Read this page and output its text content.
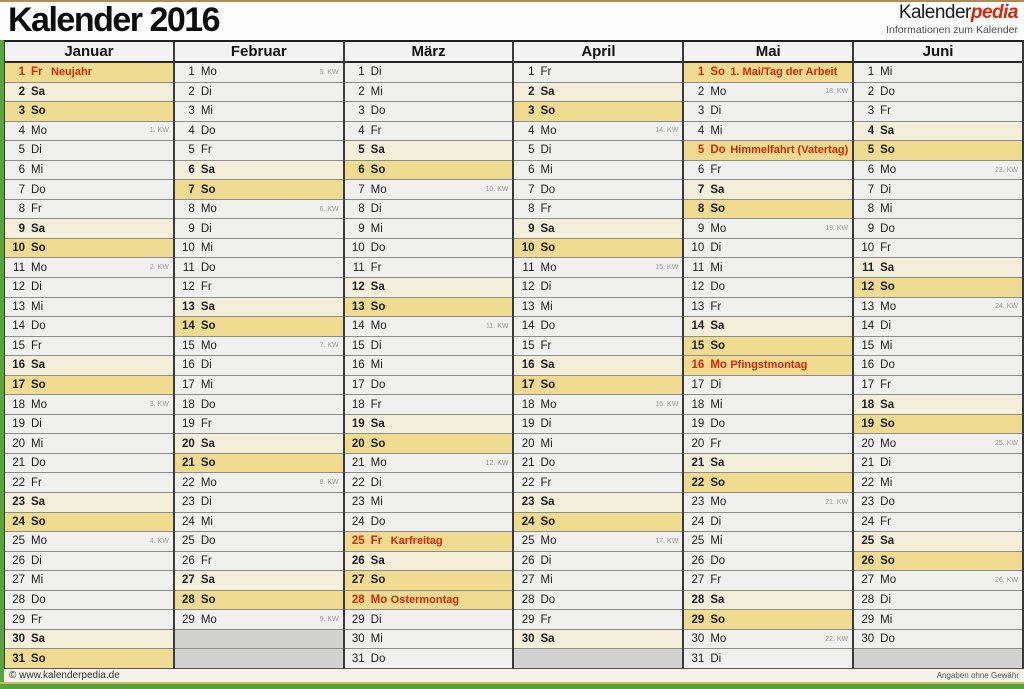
Kalender 2016	Kalenderpedia
Informationen zum Kalender
Januar
1 Fr Neujahr
2 Sa
3 So
4 Mo	1. KW
5 Di
6 Mi
7 Do
8 Fr
9 Sa
10 So
11 Mo	2. KW
12 Di
13 Mi
14 Do
15 Fr
16 Sa
17 So
18 Mo	3. KW
19 Di
20 Mi
21 Do
22 Fr
23 Sa
24 So
25 Mo	4. KW
26 Di
27 Mi
28 Do
29 Fr
30 Sa
31 So
Februar
1 Mo	5. KW
2 Di
3 Mi
4 Do
5 Fr
6 Sa
7 So
8 Mo	6. KW
9 Di
10 Mi
11 Do
12 Fr
13 Sa
14 So
15 Mo	7. KW
16 Di
17 Mi
18 Do
19 Fr
20 Sa
21 So
22 Mo	8. KW
23 Di
24 Mi
25 Do
26 Fr
27 Sa
28 So
29 Mo	9. KW
März
1 Di
2 Mi
3 Do
4 Fr
5 Sa
6 So
7 Mo	10. KW
8 Di
9 Mi
10 Do
11 Fr
12 Sa
13 So
14 Mo	11. KW
15 Di
16 Mi
17 Do
18 Fr
19 Sa
20 So
21 Mo	12. KW
22 Di
23 Mi
24 Do
25 Fr Karfreitag
26 Sa
27 So
28 Mo Ostermontag
29 Di
30 Mi
31 Do
April
1 Fr
2 Sa
3 So
4 Mo	14. KW
5 Di
6 Mi
7 Do
8 Fr
9 Sa
10 So
11 Mo	15. KW
12 Di
13 Mi
14 Do
15 Fr
16 Sa
17 So
18 Mo	16. KW
19 Di
20 Mi
21 Do
22 Fr
23 Sa
24 So
25 Mo	17. KW
26 Di
27 Mi
28 Do
29 Fr
30 Sa
Mai
1 So 1. Mai/Tag der Arbeit
2 Mo	18. KW
3 Di
4 Mi
5 Do Himmelfahrt (Vatertag)
6 Fr
7 Sa
8 So
9 Mo	19. KW
10 Di
11 Mi
12 Do
13 Fr
14 Sa
15 So
16 Mo Pfingstmontag
17 Di
18 Mi
19 Do
20 Fr
21 Sa
22 So
23 Mo	21. KW
24 Di
25 Mi
26 Do
27 Fr
28 Sa
29 So
30 Mo	22. KW
31 Di
Juni
1 Mi
2 Do
3 Fr
4 Sa
5 So
6 Mo	23. KW
7 Di
8 Mi
9 Do
10 Fr
11 Sa
12 So
13 Mo	24. KW
14 Di
15 Mi
16 Do
17 Fr
18 Sa
19 So
20 Mo	25. KW
21 Di
22 Mi
23 Do
24 Fr
25 Sa
26 So
27 Mo	26. KW
28 Di
29 Mi
30 Do
© www.kalenderpedia.de	Angaben ohne Gewähr
